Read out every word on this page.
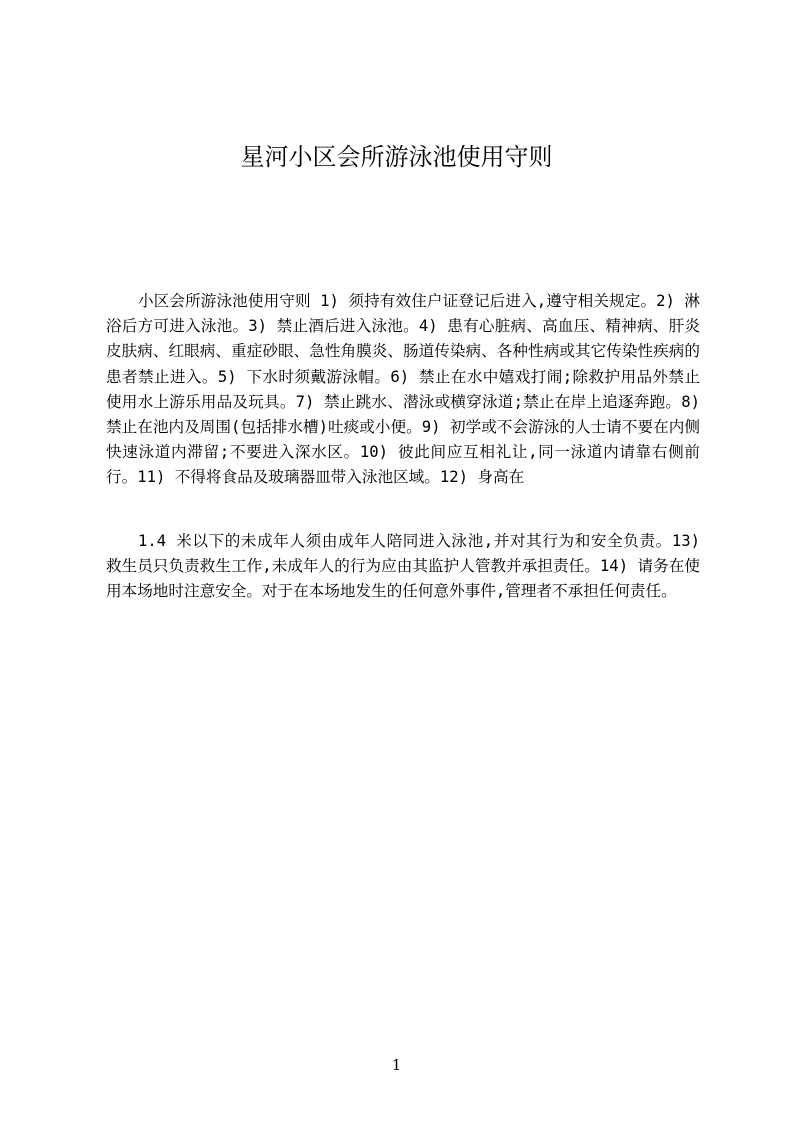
星河小区会所游泳池使用守则

小区会所游泳池使用守则 1) 须持有效住户证登记后进入,遵守相关规定。2) 淋浴后方可进入泳池。3) 禁止酒后进入泳池。4) 患有心脏病、高血压、精神病、肝炎皮肤病、红眼病、重症砂眼、急性角膜炎、肠道传染病、各种性病或其它传染性疾病的患者禁止进入。5) 下水时须戴游泳帽。6) 禁止在水中嬉戏打闹;除救护用品外禁止使用水上游乐用品及玩具。7) 禁止跳水、潜泳或横穿泳道;禁止在岸上追逐奔跑。8) 禁止在池内及周围(包括排水槽)吐痰或小便。9) 初学或不会游泳的人士请不要在内侧快速泳道内滞留;不要进入深水区。10) 彼此间应互相礼让,同一泳道内请靠右侧前行。11) 不得将食品及玻璃器皿带入泳池区域。12) 身高在

1.4 米以下的未成年人须由成年人陪同进入泳池,并对其行为和安全负责。13) 救生员只负责救生工作,未成年人的行为应由其监护人管教并承担责任。14) 请务在使用本场地时注意安全。对于在本场地发生的任何意外事件,管理者不承担任何责任。

1
